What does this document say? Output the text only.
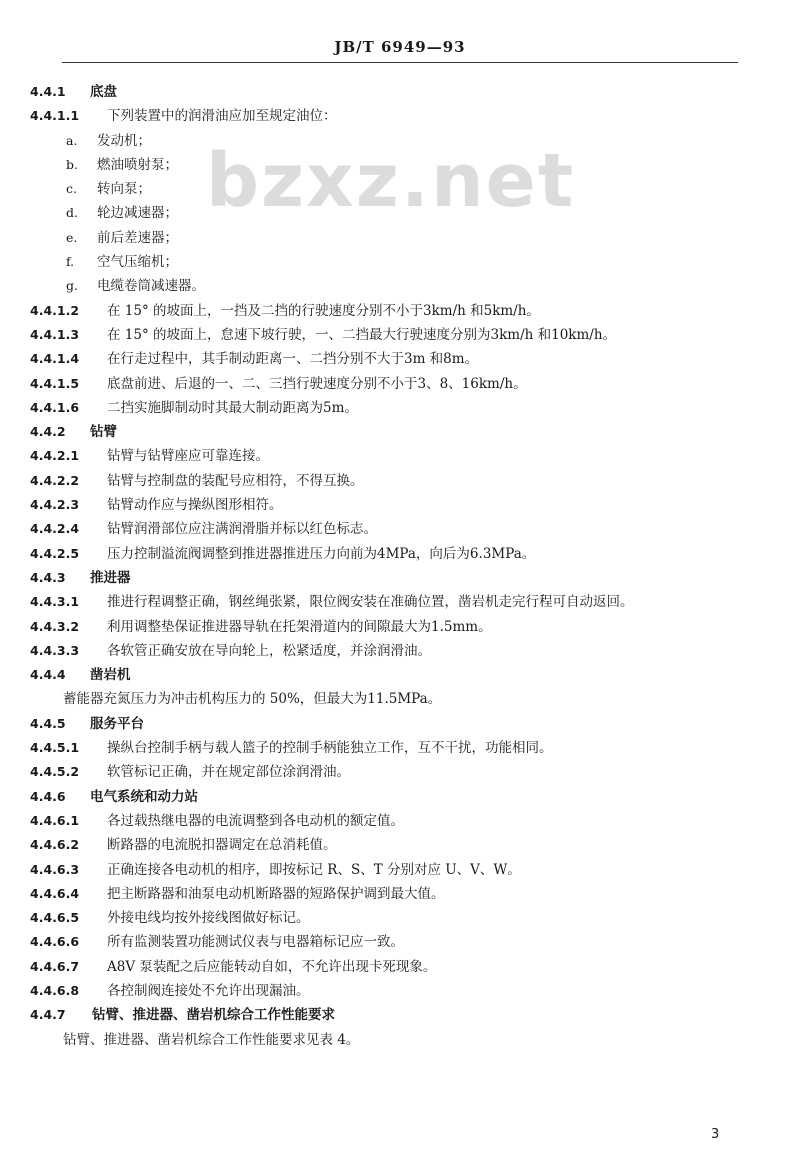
JB/T 6949—93
bzxz.net
4.4.1 底盘
4.4.1.1 下列装置中的润滑油应加至规定油位：
a. 发动机；
b. 燃油喷射泵；
c. 转向泵；
d. 轮边减速器；
e. 前后差速器；
f. 空气压缩机；
g. 电缆卷筒减速器。
4.4.1.2 在 15° 的坡面上，一挡及二挡的行驶速度分别不小于3km/h 和5km/h。
4.4.1.3 在 15° 的坡面上，怠速下坡行驶，一、二挡最大行驶速度分别为3km/h 和10km/h。
4.4.1.4 在行走过程中，其手制动距离一、二挡分别不大于3m 和8m。
4.4.1.5 底盘前进、后退的一、二、三挡行驶速度分别不小于3、8、16km/h。
4.4.1.6 二挡实施脚制动时其最大制动距离为5m。
4.4.2 钻臂
4.4.2.1 钻臂与钻臂座应可靠连接。
4.4.2.2 钻臂与控制盘的装配号应相符，不得互换。
4.4.2.3 钻臂动作应与操纵图形相符。
4.4.2.4 钻臂润滑部位应注满润滑脂并标以红色标志。
4.4.2.5 压力控制溢流阀调整到推进器推进压力向前为4MPa，向后为6.3MPa。
4.4.3 推进器
4.4.3.1 推进行程调整正确，钢丝绳张紧，限位阀安装在准确位置，凿岩机走完行程可自动返回。
4.4.3.2 利用调整垫保证推进器导轨在托架滑道内的间隙最大为1.5mm。
4.4.3.3 各软管正确安放在导向轮上，松紧适度，并涂润滑油。
4.4.4 凿岩机
蓄能器充氮压力为冲击机构压力的 50%，但最大为11.5MPa。
4.4.5 服务平台
4.4.5.1 操纵台控制手柄与载人篮子的控制手柄能独立工作，互不干扰，功能相同。
4.4.5.2 软管标记正确，并在规定部位涂润滑油。
4.4.6 电气系统和动力站
4.4.6.1 各过载热继电器的电流调整到各电动机的额定值。
4.4.6.2 断路器的电流脱扣器调定在总消耗值。
4.4.6.3 正确连接各电动机的相序，即按标记 R、S、T 分别对应 U、V、W。
4.4.6.4 把主断路器和油泵电动机断路器的短路保护调到最大值。
4.4.6.5 外接电线均按外接线图做好标记。
4.4.6.6 所有监测装置功能测试仪表与电器箱标记应一致。
4.4.6.7 A8V 泵装配之后应能转动自如，不允许出现卡死现象。
4.4.6.8 各控制阀连接处不允许出现漏油。
4.4.7 钻臂、推进器、凿岩机综合工作性能要求
钻臂、推进器、凿岩机综合工作性能要求见表 4。
3
